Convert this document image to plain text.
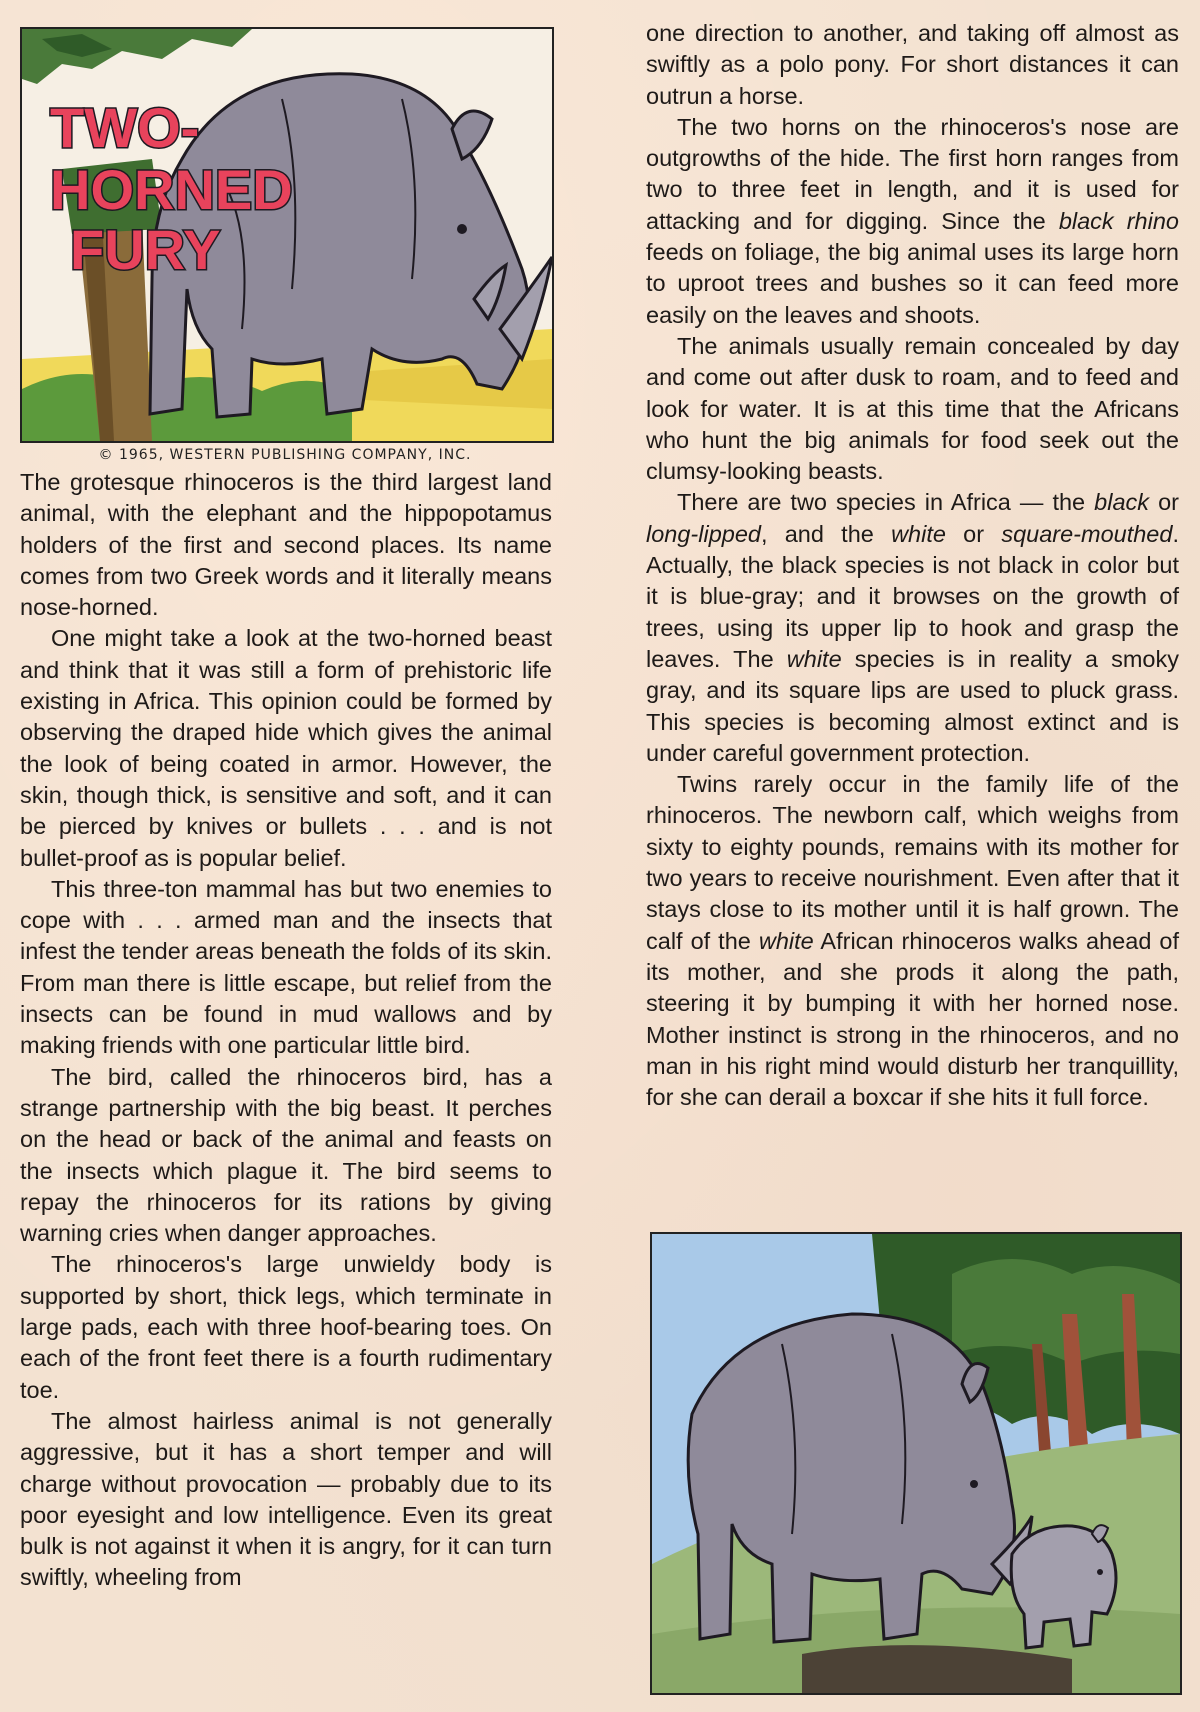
TWO-
HORNED
FURY
© 1965, WESTERN PUBLISHING COMPANY, INC.

The grotesque rhinoceros is the third largest land animal, with the elephant and the hippopotamus holders of the first and second places. Its name comes from two Greek words and it literally means nose-horned.

One might take a look at the two-horned beast and think that it was still a form of prehistoric life existing in Africa. This opinion could be formed by observing the draped hide which gives the animal the look of being coated in armor. However, the skin, though thick, is sensitive and soft, and it can be pierced by knives or bullets . . . and is not bullet-proof as is popular belief.

This three-ton mammal has but two enemies to cope with . . . armed man and the insects that infest the tender areas beneath the folds of its skin. From man there is little escape, but relief from the insects can be found in mud wallows and by making friends with one particular little bird.

The bird, called the rhinoceros bird, has a strange partnership with the big beast. It perches on the head or back of the animal and feasts on the insects which plague it. The bird seems to repay the rhinoceros for its rations by giving warning cries when danger approaches.

The rhinoceros's large unwieldy body is supported by short, thick legs, which terminate in large pads, each with three hoof-bearing toes. On each of the front feet there is a fourth rudimentary toe.

The almost hairless animal is not generally aggressive, but it has a short temper and will charge without provocation — probably due to its poor eyesight and low intelligence. Even its great bulk is not against it when it is angry, for it can turn swiftly, wheeling from

one direction to another, and taking off almost as swiftly as a polo pony. For short distances it can outrun a horse.

The two horns on the rhinoceros's nose are outgrowths of the hide. The first horn ranges from two to three feet in length, and it is used for attacking and for digging. Since the black rhino feeds on foliage, the big animal uses its large horn to uproot trees and bushes so it can feed more easily on the leaves and shoots.

The animals usually remain concealed by day and come out after dusk to roam, and to feed and look for water. It is at this time that the Africans who hunt the big animals for food seek out the clumsy-looking beasts.

There are two species in Africa — the black or long-lipped, and the white or square-mouthed. Actually, the black species is not black in color but it is blue-gray; and it browses on the growth of trees, using its upper lip to hook and grasp the leaves. The white species is in reality a smoky gray, and its square lips are used to pluck grass. This species is becoming almost extinct and is under careful government protection.

Twins rarely occur in the family life of the rhinoceros. The newborn calf, which weighs from sixty to eighty pounds, remains with its mother for two years to receive nourishment. Even after that it stays close to its mother until it is half grown. The calf of the white African rhinoceros walks ahead of its mother, and she prods it along the path, steering it by bumping it with her horned nose. Mother instinct is strong in the rhinoceros, and no man in his right mind would disturb her tranquillity, for she can derail a boxcar if she hits it full force.
